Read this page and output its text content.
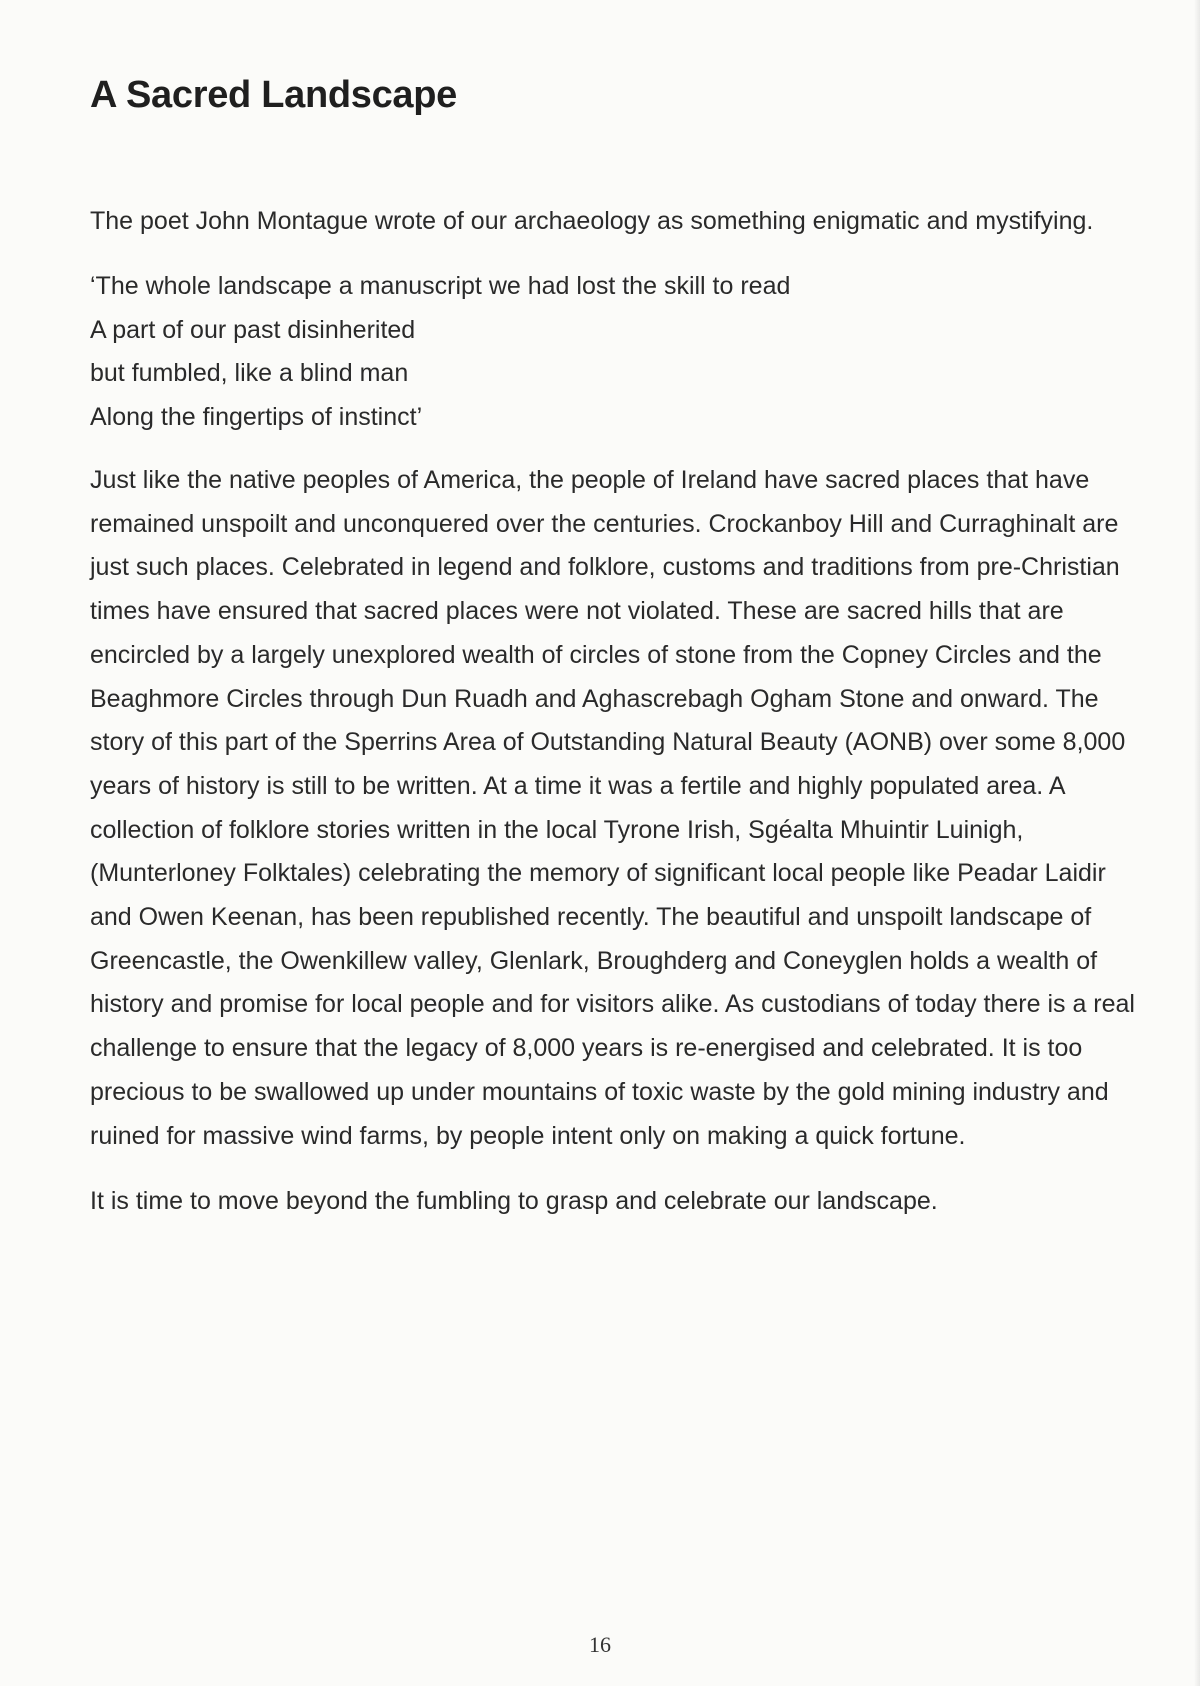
A Sacred Landscape

The poet John Montague wrote of our archaeology as something enigmatic and mystifying.

‘The whole landscape a manuscript we had lost the skill to read
A part of our past disinherited
but fumbled, like a blind man
Along the fingertips of instinct’

Just like the native peoples of America, the people of Ireland have sacred places that have remained unspoilt and unconquered over the centuries. Crockanboy Hill and Curraghinalt are just such places. Celebrated in legend and folklore, customs and traditions from pre-Christian times have ensured that sacred places were not violated. These are sacred hills that are encircled by a largely unexplored wealth of circles of stone from the Copney Circles and the Beaghmore Circles through Dun Ruadh and Aghascrebagh Ogham Stone and onward. The story of this part of the Sperrins Area of Outstanding Natural Beauty (AONB) over some 8,000 years of history is still to be written. At a time it was a fertile and highly populated area. A collection of folklore stories written in the local Tyrone Irish, Sgéalta Mhuintir Luinigh, (Munterloney Folktales) celebrating the memory of significant local people like Peadar Laidir and Owen Keenan, has been republished recently. The beautiful and unspoilt landscape of Greencastle, the Owenkillew valley, Glenlark, Broughderg and Coneyglen holds a wealth of history and promise for local people and for visitors alike. As custodians of today there is a real challenge to ensure that the legacy of 8,000 years is re-energised and celebrated. It is too precious to be swallowed up under mountains of toxic waste by the gold mining industry and ruined for massive wind farms, by people intent only on making a quick fortune.

It is time to move beyond the fumbling to grasp and celebrate our landscape.

16
